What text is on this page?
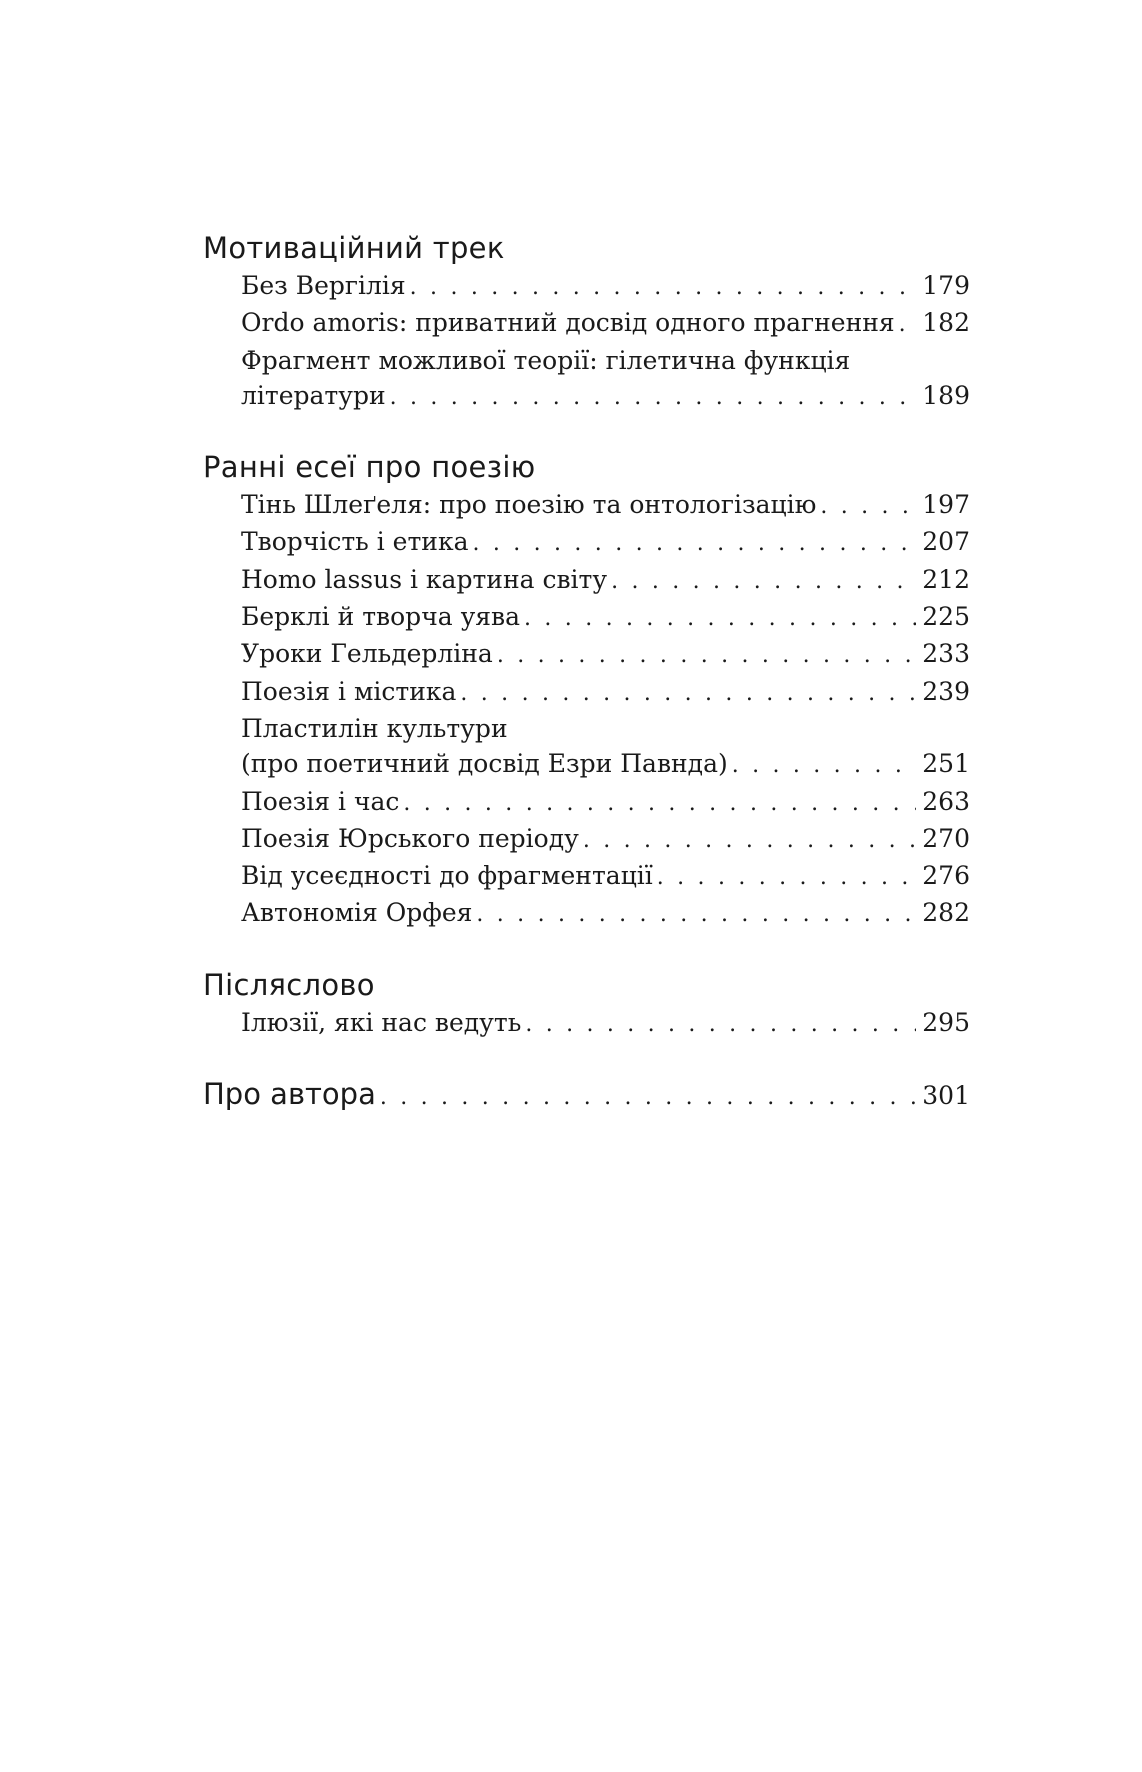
Мотиваційний трек
Без Вергілія . . .	179
Ordo amoris: приватний досвід одного прагнення . . . 182
Фрагмент можливої теорії: гілетична функція
літератури . . .	189
Ранні есеї про поезію
Тінь Шлеґеля: про поезію та онтологізацію . . .	197
Творчість і етика . . .	207
Homo lassus і картина світу . . .	212
Берклі й творча уява . . .	225
Уроки Гельдерліна . . .	233
Поезія і містика . . .	239
Пластилін культури
(про поетичний досвід Езри Павнда) . . .	251
Поезія і час . . .	263
Поезія Юрського періоду . . .	270
Від усеєдності до фрагментації . . .	276
Автономія Орфея . . .	282
Післяслово
Ілюзії, які нас ведуть . . .	295
Про автора . . .	301
